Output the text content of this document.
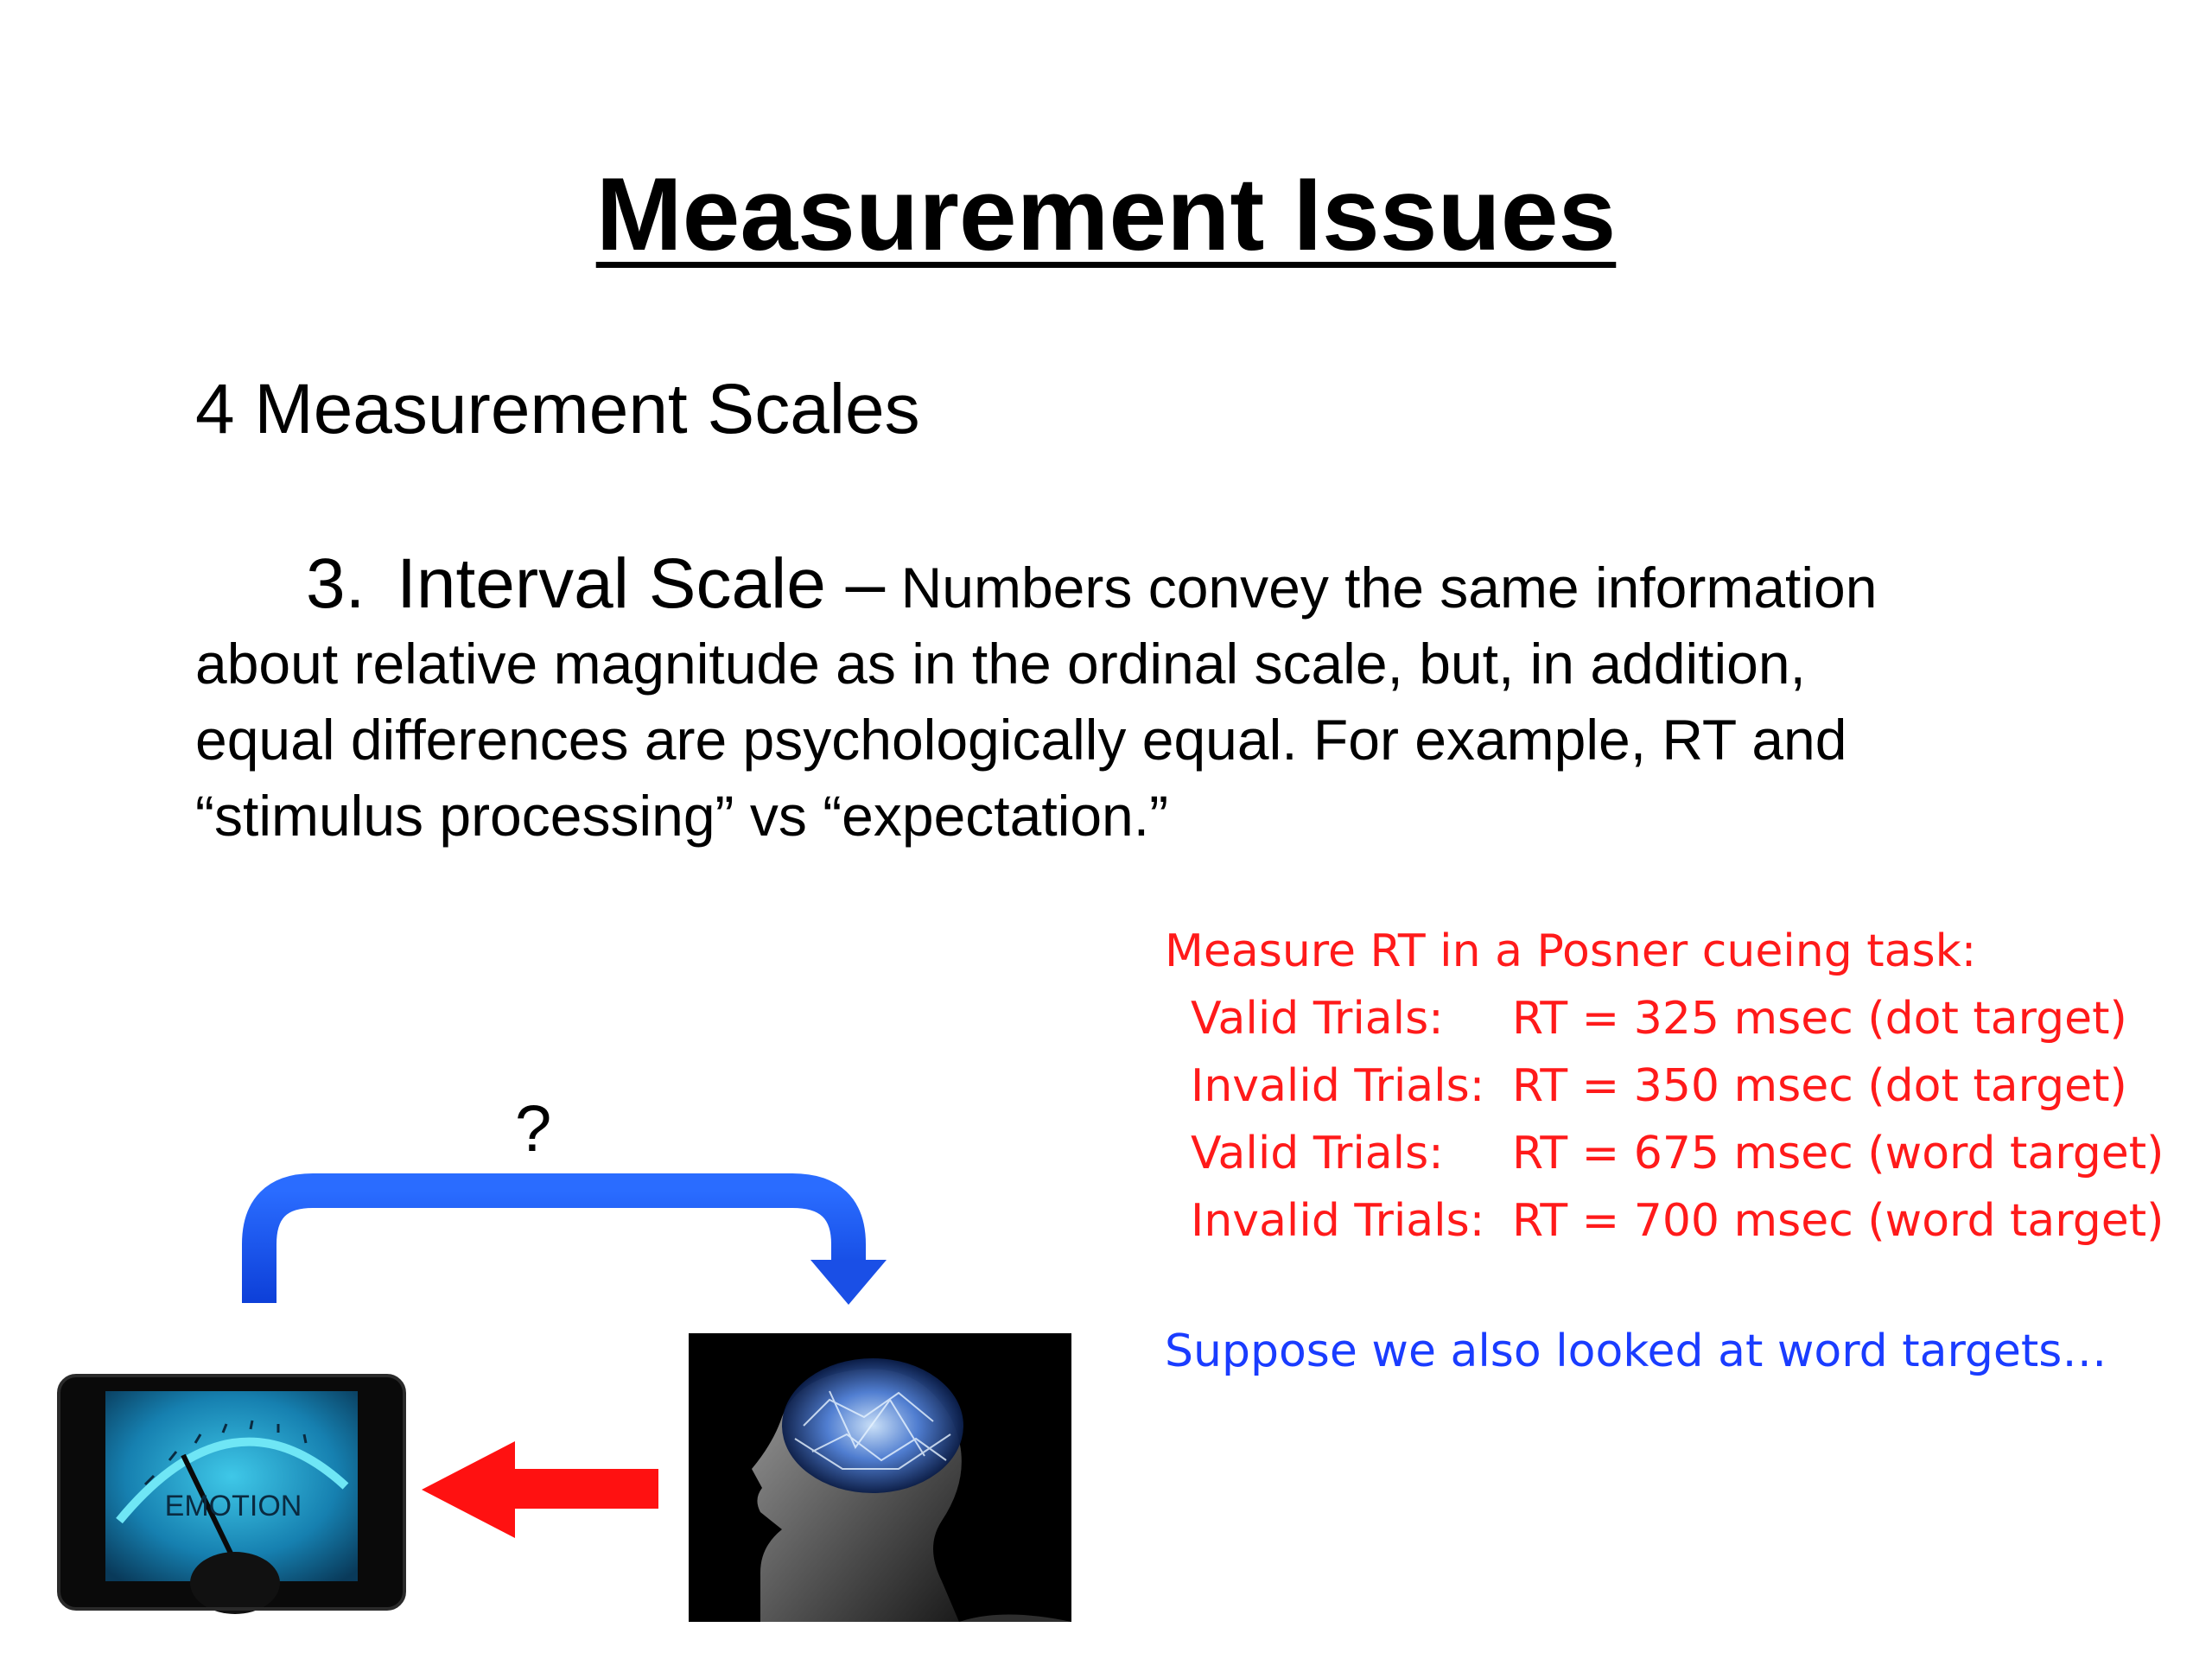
Measurement Issues
4 Measurement Scales
3. Interval Scale – Numbers convey the same information
about relative magnitude as in the ordinal scale, but, in addition,
equal differences are psychologically equal. For example, RT and
“stimulus processing” vs “expectation.”
Measure RT in a Posner cueing task:
Valid Trials: RT = 325 msec (dot target)
Invalid Trials: RT = 350 msec (dot target)
Valid Trials: RT = 675 msec (word target)
Invalid Trials: RT = 700 msec (word target)
Suppose we also looked at word targets…
?
EMOTION
